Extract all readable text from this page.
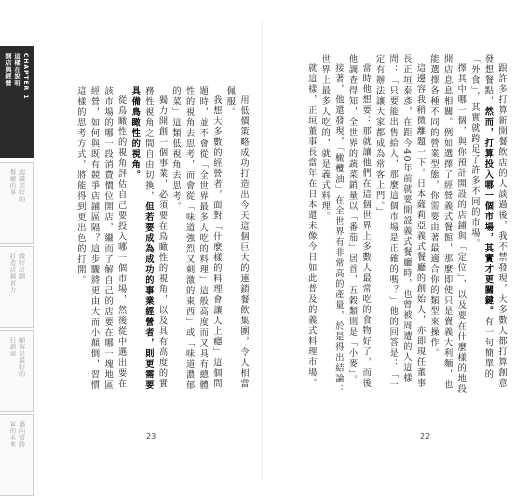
CHAPTER 1
這樣在說明
開店與經營
認識美好的
餐廳的事
做好計劃
打造店鋪實力
顧客是最好的
行銷商
邁向常勝
軍的未來

用低價策略成功打造出今天這個巨大的連鎖餐飲集團，令人相當佩服。

我想大多數的經營者，面對「什麼樣的料理會讓人上癮」這個問題時，並不會從「全世界最多人吃的料理」這般高度而又具有總體性的視角去思考，而會從「味道強烈又刺激的東西」或「味道濃郁的菜」這類低視角去思考。

獨力開創一個事業，必須要在鳥瞰性的視角，以及具有高度的實務性視角之間自由切換，但若要成為成功的事業經營者，則更需要具備鳥瞰性的視角。

從鳥瞰性的視角評估自己要投入哪一個市場，然後從中選出要在該市場的哪一段消費價位開店，繼而了解自己的店要在哪一塊地區經營，如何與既有競爭店鋪區隔？這步驟將更由大而小顛倒，習慣這樣的思考方式，將能得到更出色的打開。

23

跟許多打算新開餐飲店的人談過後，我不禁發現，大多數人都打算創意發想餐點，然而，打算投入哪一個市場，其實才更關鍵。有一句簡單的「外食」，其實就跨足了許多不同的市場。

擇其中哪一個，與你預計開設的店鋪與「定位」，以及要在什麼樣的地段開店息息相關。例如選擇了經營義式餐館，那麼即使只是賣義大利麵，也能選擇各種不同的營業型態，你需要由著最適合你的類型來操作。

這邊容我稍微離題一下。日本薩莉亞義式餐廳的創始人，亦即現任董事長正垣泰彥，在距今40年前就要開設義式餐廳時，也曾被周遭的人這樣問：「只要能出售給人，那麼這個市場是正確的嗎？」他的回答是：「一定有辦法讓大家都成為常客上門。」

當時他想要：那就讓他們在這個世界上多數人最常吃的食物好了，而後他調查得知，全世界的蔬菜銷量以「番茄」居首，五穀類則是「小麥」。

接著，他還發現，「橄欖油」在全世界有非常高的產量，於是得出結論：世界上最多人吃的，就是義式料理。

就這樣，正垣董事長當年在日本還未像今日如此普及的義式料理市場。

22
